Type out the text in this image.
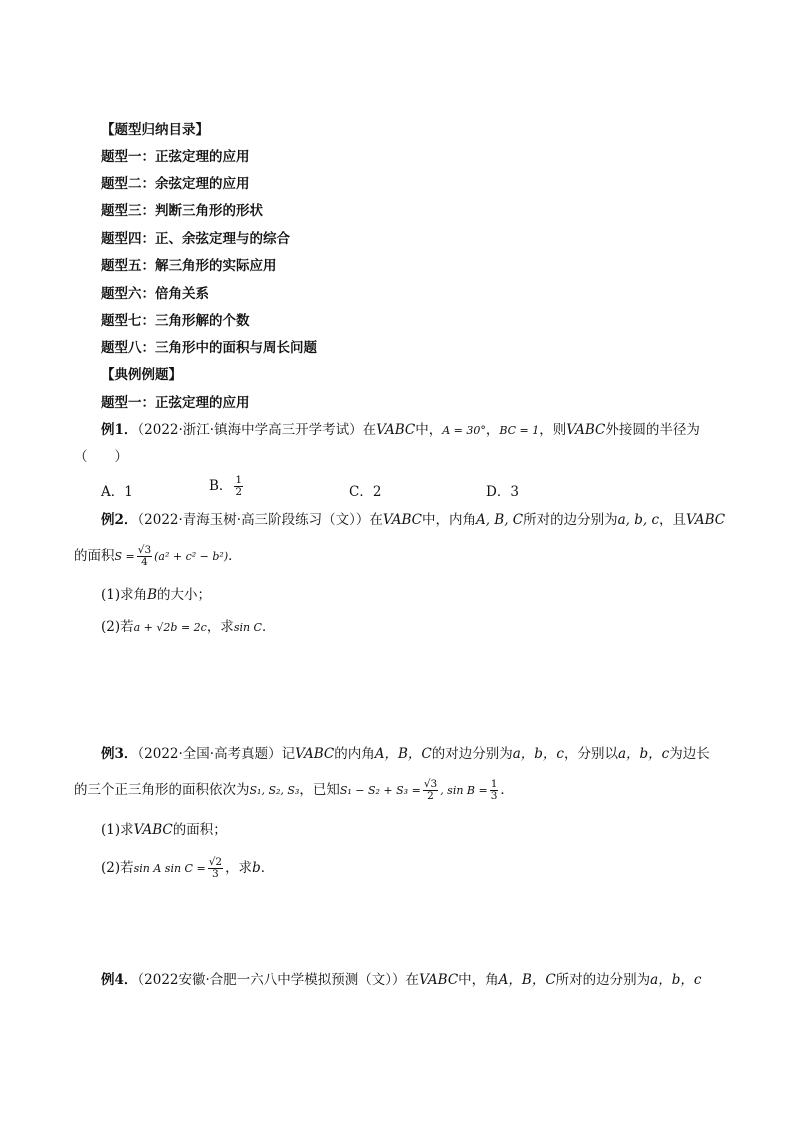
【题型归纳目录】
题型一：正弦定理的应用
题型二：余弦定理的应用
题型三：判断三角形的形状
题型四：正、余弦定理与的综合
题型五：解三角形的实际应用
题型六：倍角关系
题型七：三角形解的个数
题型八：三角形中的面积与周长问题
【典例例题】
题型一：正弦定理的应用
例1．（2022·浙江·镇海中学高三开学考试）在VABC中，A = 30°，BC = 1，则VABC外接圆的半径为
（　　）
A．1	B． $\frac{1}{2}$	C．2	D．3
例2．（2022·青海玉树·高三阶段练习（文））在VABC中，内角A, B, C所对的边分别为a, b, c，且VABC
的面积$S = \frac{√3}{4} (a^2 + c^2 - b^2)$．
(1)求角B的大小；
(2)若a + √2b = 2c，求sin C．
例3．（2022·全国·高考真题）记VABC的内角A，B，C的对边分别为a，b，c，分别以a，b，c为边长
的三个正三角形的面积依次为S₁, S₂, S₃，已知$S_1 - S_2 + S_3 = \frac{√3}{2}$ , $\sin B = \frac{1}{3}$ ．
(1)求VABC的面积；
(2)若sin A $\sin C = \frac{√2}{3}$ ，求b．
例4．（2022安徽·合肥一六八中学模拟预测（文））在VABC中，角A，B，C所对的边分别为a，b，c
